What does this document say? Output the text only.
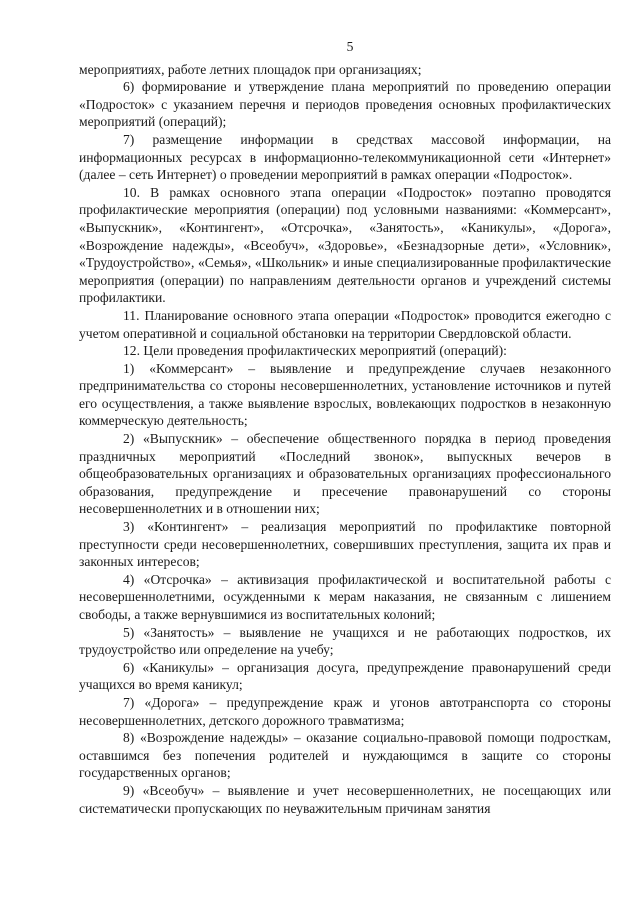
5

мероприятиях, работе летних площадок при организациях;

6) формирование и утверждение плана мероприятий по проведению операции «Подросток» с указанием перечня и периодов проведения основных профилактических мероприятий (операций);

7) размещение информации в средствах массовой информации, на информационных ресурсах в информационно-телекоммуникационной сети «Интернет» (далее – сеть Интернет) о проведении мероприятий в рамках операции «Подросток».

10. В рамках основного этапа операции «Подросток» поэтапно проводятся профилактические мероприятия (операции) под условными названиями: «Коммерсант», «Выпускник», «Контингент», «Отсрочка», «Занятость», «Каникулы», «Дорога», «Возрождение надежды», «Всеобуч», «Здоровье», «Безнадзорные дети», «Условник», «Трудоустройство», «Семья», «Школьник» и иные специализированные профилактические мероприятия (операции) по направлениям деятельности органов и учреждений системы профилактики.

11. Планирование основного этапа операции «Подросток» проводится ежегодно с учетом оперативной и социальной обстановки на территории Свердловской области.

12. Цели проведения профилактических мероприятий (операций):

1) «Коммерсант» – выявление и предупреждение случаев незаконного предпринимательства со стороны несовершеннолетних, установление источников и путей его осуществления, а также выявление взрослых, вовлекающих подростков в незаконную коммерческую деятельность;

2) «Выпускник» – обеспечение общественного порядка в период проведения праздничных мероприятий «Последний звонок», выпускных вечеров в общеобразовательных организациях и образовательных организациях профессионального образования, предупреждение и пресечение правонарушений со стороны несовершеннолетних и в отношении них;

3) «Контингент» – реализация мероприятий по профилактике повторной преступности среди несовершеннолетних, совершивших преступления, защита их прав и законных интересов;

4) «Отсрочка» – активизация профилактической и воспитательной работы с несовершеннолетними, осужденными к мерам наказания, не связанным с лишением свободы, а также вернувшимися из воспитательных колоний;

5) «Занятость» – выявление не учащихся и не работающих подростков, их трудоустройство или определение на учебу;

6) «Каникулы» – организация досуга, предупреждение правонарушений среди учащихся во время каникул;

7) «Дорога» – предупреждение краж и угонов автотранспорта со стороны несовершеннолетних, детского дорожного травматизма;

8) «Возрождение надежды» – оказание социально-правовой помощи подросткам, оставшимся без попечения родителей и нуждающимся в защите со стороны государственных органов;

9) «Всеобуч» – выявление и учет несовершеннолетних, не посещающих или систематически пропускающих по неуважительным причинам занятия
